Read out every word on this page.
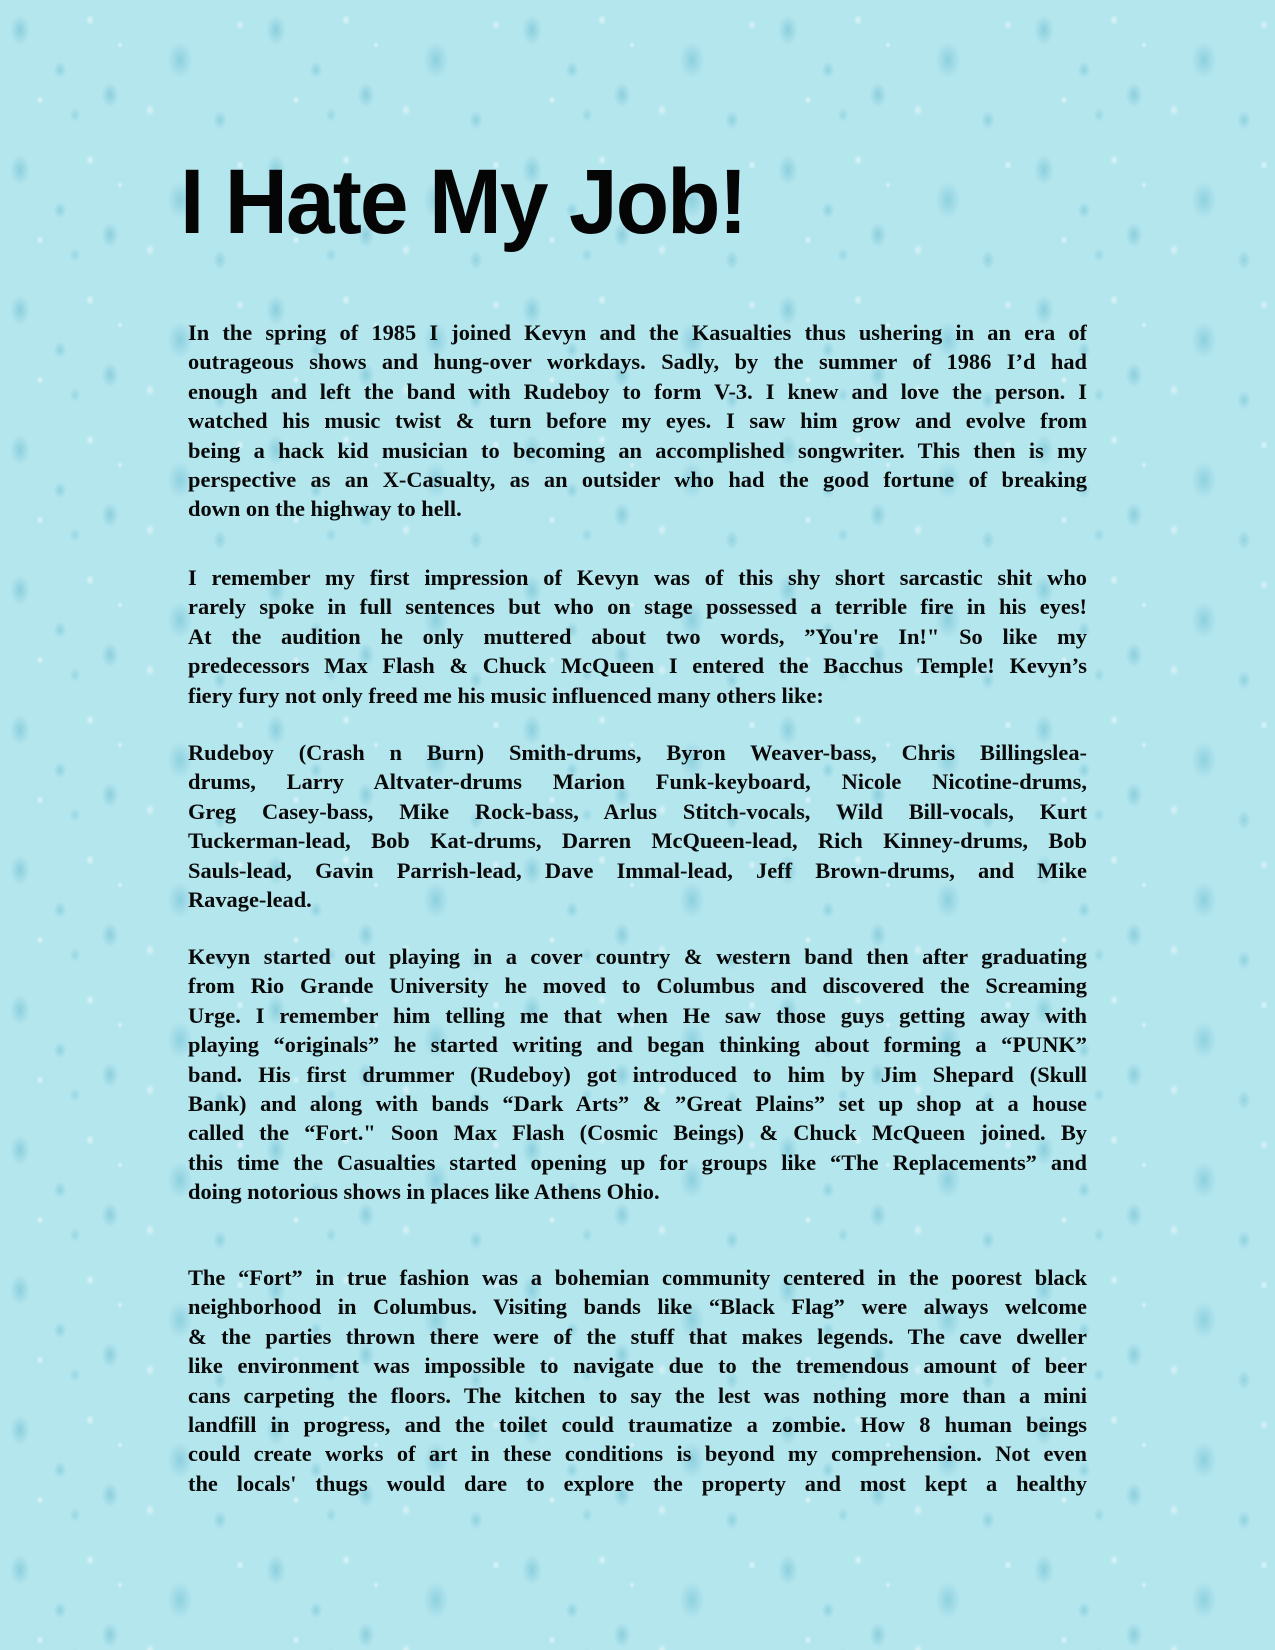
I Hate My Job!
In the spring of 1985 I joined Kevyn and the Kasualties thus ushering in an era of
outrageous shows and hung-over workdays. Sadly, by the summer of 1986 I’d had
enough and left the band with Rudeboy to form V-3. I knew and love the person. I
watched his music twist & turn before my eyes. I saw him grow and evolve from
being a hack kid musician to becoming an accomplished songwriter. This then is my
perspective as an X-Casualty, as an outsider who had the good fortune of breaking
down on the highway to hell.
I remember my first impression of Kevyn was of this shy short sarcastic shit who
rarely spoke in full sentences but who on stage possessed a terrible fire in his eyes!
At the audition he only muttered about two words, ”You're In!" So like my
predecessors Max Flash & Chuck McQueen I entered the Bacchus Temple! Kevyn’s
fiery fury not only freed me his music influenced many others like:
Rudeboy (Crash n Burn) Smith-drums, Byron Weaver-bass, Chris Billingslea-
drums, Larry Altvater-drums Marion Funk-keyboard, Nicole Nicotine-drums,
Greg Casey-bass, Mike Rock-bass, Arlus Stitch-vocals, Wild Bill-vocals, Kurt
Tuckerman-lead, Bob Kat-drums, Darren McQueen-lead, Rich Kinney-drums, Bob
Sauls-lead, Gavin Parrish-lead, Dave Immal-lead, Jeff Brown-drums, and Mike
Ravage-lead.
Kevyn started out playing in a cover country & western band then after graduating
from Rio Grande University he moved to Columbus and discovered the Screaming
Urge. I remember him telling me that when He saw those guys getting away with
playing “originals” he started writing and began thinking about forming a “PUNK”
band. His first drummer (Rudeboy) got introduced to him by Jim Shepard (Skull
Bank) and along with bands “Dark Arts” & ”Great Plains” set up shop at a house
called the “Fort." Soon Max Flash (Cosmic Beings) & Chuck McQueen joined. By
this time the Casualties started opening up for groups like “The Replacements” and
doing notorious shows in places like Athens Ohio.
The “Fort” in true fashion was a bohemian community centered in the poorest black
neighborhood in Columbus. Visiting bands like “Black Flag” were always welcome
& the parties thrown there were of the stuff that makes legends. The cave dweller
like environment was impossible to navigate due to the tremendous amount of beer
cans carpeting the floors. The kitchen to say the lest was nothing more than a mini
landfill in progress, and the toilet could traumatize a zombie. How 8 human beings
could create works of art in these conditions is beyond my comprehension. Not even
the locals' thugs would dare to explore the property and most kept a healthy
